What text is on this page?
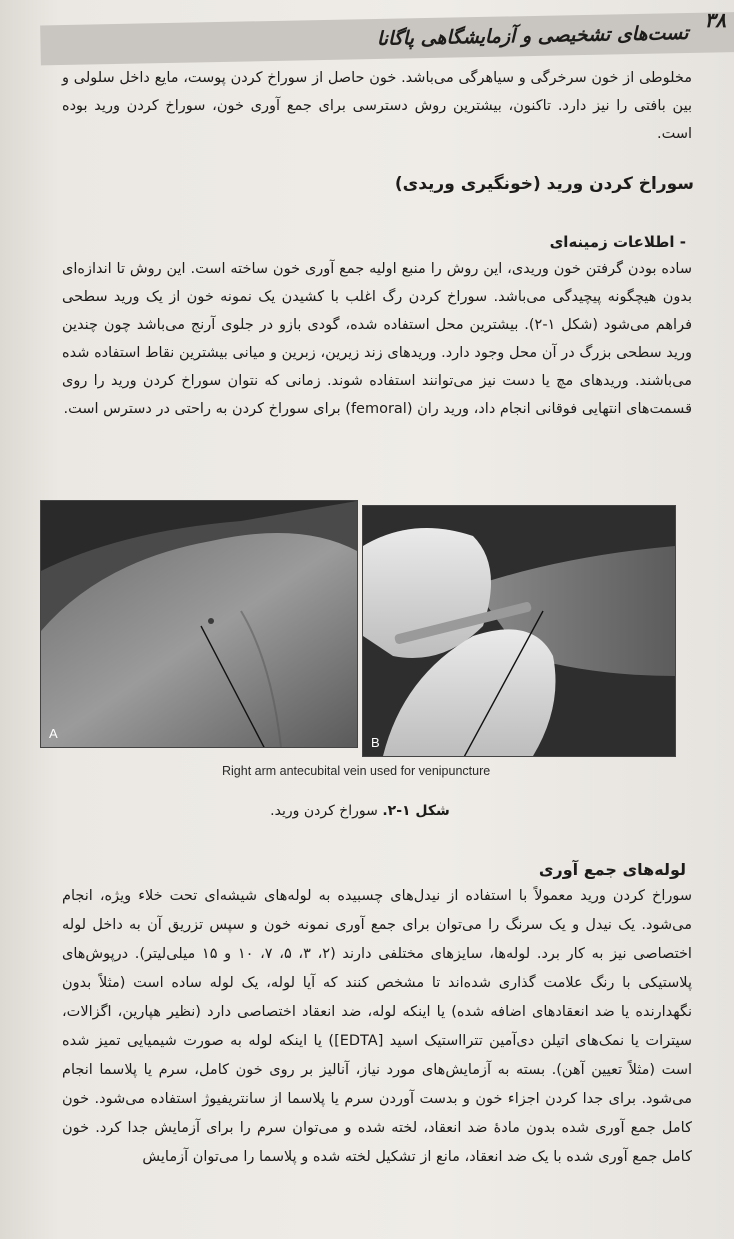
تست‌های تشخیصی و آزمایشگاهی پاگانا
۳۸

مخلوطی از خون سرخرگی و سیاهرگی می‌باشد. خون حاصل از سوراخ کردن پوست، مایع داخل سلولی و بین بافتی را نیز دارد. تاکنون، بیشترین روش دسترسی برای جمع آوری خون، سوراخ کردن ورید بوده است.

سوراخ کردن ورید (خونگیری وریدی)
- اطلاعات زمینه‌ای

ساده بودن گرفتن خون وریدی، این روش را منبع اولیه جمع آوری خون ساخته است. این روش تا اندازه‌ای بدون هیچگونه پیچیدگی می‌باشد. سوراخ کردن رگ اغلب با کشیدن یک نمونه خون از یک ورید سطحی فراهم می‌شود (شکل ۱-۲). بیشترین محل استفاده شده، گودی بازو در جلوی آرنج می‌باشد چون چندین ورید سطحی بزرگ در آن محل وجود دارد. وریدهای زند زیرین، زبرین و میانی بیشترین نقاط استفاده شده می‌باشند. وریدهای مچ یا دست نیز می‌توانند استفاده شوند. زمانی که نتوان سوراخ کردن ورید را روی قسمت‌های انتهایی فوقانی انجام داد، ورید ران (femoral) برای سوراخ کردن به راحتی در دسترس است.

A
B
Right arm antecubital vein used for venipuncture
شکل ۱-۲. سوراخ کردن ورید.
لوله‌های جمع آوری

سوراخ کردن ورید معمولاً با استفاده از نیدل‌های چسبیده به لوله‌های شیشه‌ای تحت خلاء ویژه، انجام می‌شود. یک نیدل و یک سرنگ را می‌توان برای جمع آوری نمونه خون و سپس تزریق آن به داخل لوله اختصاصی نیز به کار برد. لوله‌ها، سایزهای مختلفی دارند (۲، ۳، ۵، ۷، ۱۰ و ۱۵ میلی‌لیتر). درپوش‌های پلاستیکی با رنگ علامت گذاری شده‌اند تا مشخص کنند که آیا لوله، یک لوله ساده است (مثلاً بدون نگهدارنده یا ضد انعقادهای اضافه شده) یا اینکه لوله، ضد انعقاد اختصاصی دارد (نظیر هپارین، اگزالات، سیترات یا نمک‌های اتیلن دی‌آمین تترااستیک اسید [EDTA]) یا اینکه لوله به صورت شیمیایی تمیز شده است (مثلاً تعیین آهن). بسته به آزمایش‌های مورد نیاز، آنالیز بر روی خون کامل، سرم یا پلاسما انجام می‌شود. برای جدا کردن اجزاء خون و بدست آوردن سرم یا پلاسما از سانتریفیوژ استفاده می‌شود. خون کامل جمع آوری شده بدون مادهٔ ضد انعقاد، لخته شده و می‌توان سرم را برای آزمایش جدا کرد. خون کامل جمع آوری شده با یک ضد انعقاد، مانع از تشکیل لخته شده و پلاسما را می‌توان آزمایش
